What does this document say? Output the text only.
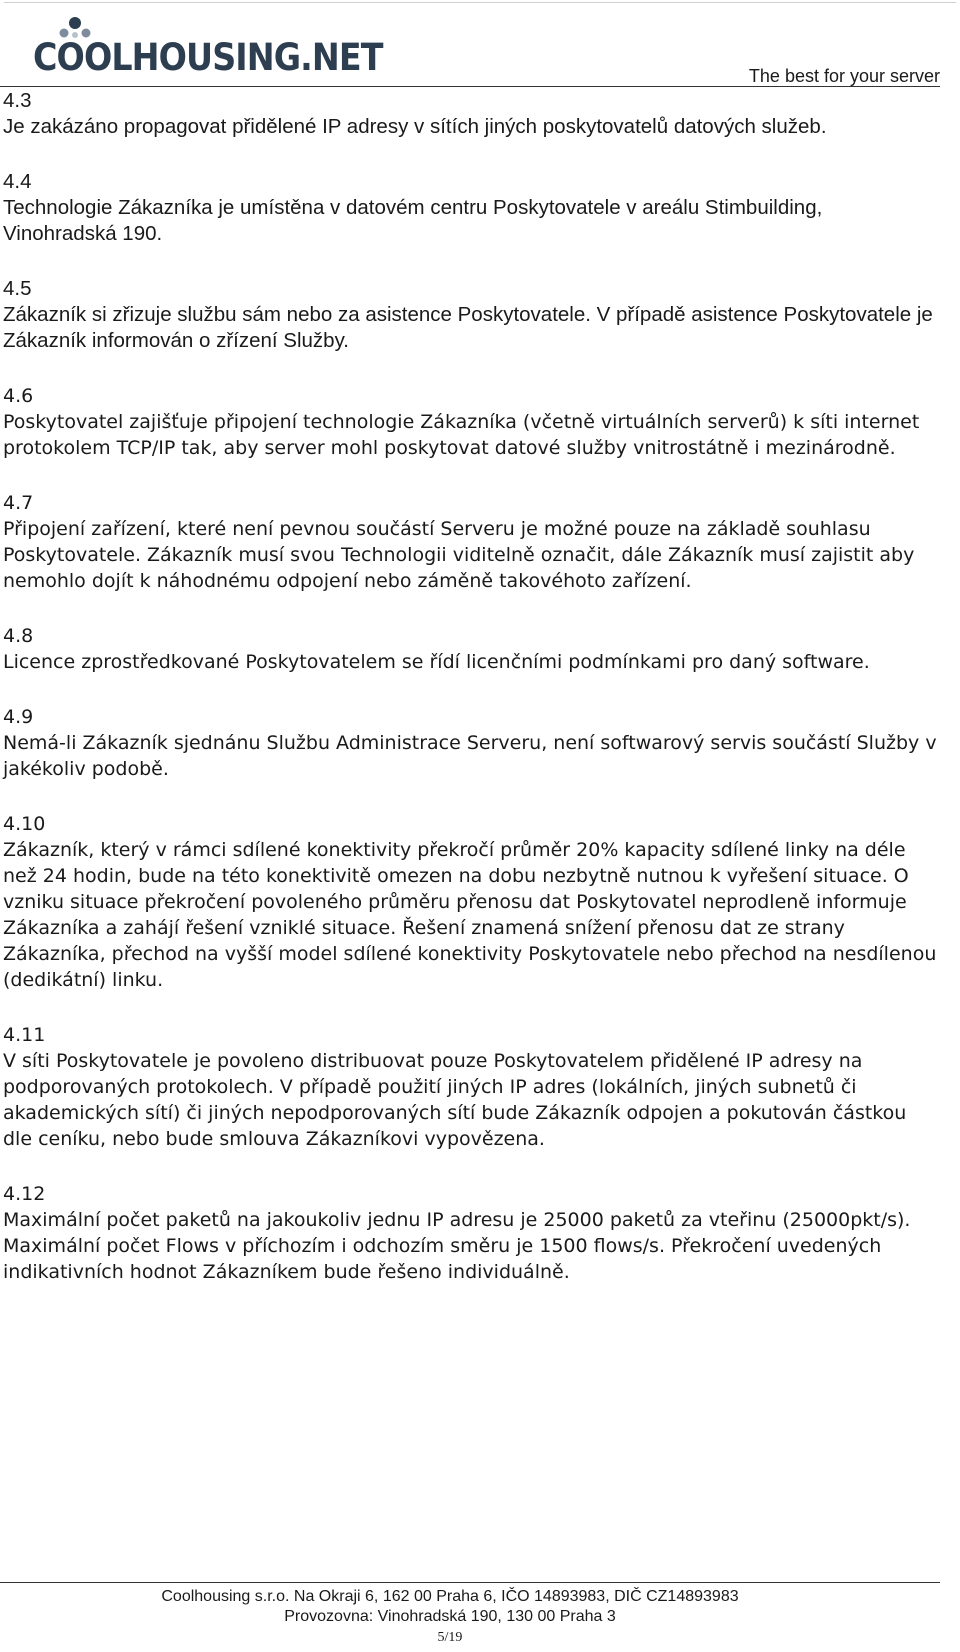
COOLHOUSING.NET	The best for your server
4.3
Je zakázáno propagovat přidělené IP adresy v sítích jiných poskytovatelů datových služeb.
4.4
Technologie Zákazníka je umístěna v datovém centru Poskytovatele v areálu Stimbuilding, Vinohradská 190.
4.5
Zákazník si zřizuje službu sám nebo za asistence Poskytovatele. V případě asistence Poskytovatele je Zákazník informován o zřízení Služby.
4.6
Poskytovatel zajišťuje připojení technologie Zákazníka (včetně virtuálních serverů) k síti internet protokolem TCP/IP tak, aby server mohl poskytovat datové služby vnitrostátně i mezinárodně.
4.7
Připojení zařízení, které není pevnou součástí Serveru je možné pouze na základě souhlasu Poskytovatele. Zákazník musí svou Technologii viditelně označit, dále Zákazník musí zajistit aby nemohlo dojít k náhodnému odpojení nebo záměně takovéhoto zařízení.
4.8
Licence zprostředkované Poskytovatelem se řídí licenčními podmínkami pro daný software.
4.9
Nemá-li Zákazník sjednánu Službu Administrace Serveru, není softwarový servis součástí Služby v jakékoliv podobě.
4.10
Zákazník, který v rámci sdílené konektivity překročí průměr 20% kapacity sdílené linky na déle než 24 hodin, bude na této konektivitě omezen na dobu nezbytně nutnou k vyřešení situace. O vzniku situace překročení povoleného průměru přenosu dat Poskytovatel neprodleně informuje Zákazníka a zahájí řešení vzniklé situace. Řešení znamená snížení přenosu dat ze strany Zákazníka, přechod na vyšší model sdílené konektivity Poskytovatele nebo přechod na nesdílenou (dedikátní) linku.
4.11
V síti Poskytovatele je povoleno distribuovat pouze Poskytovatelem přidělené IP adresy na podporovaných protokolech. V případě použití jiných IP adres (lokálních, jiných subnetů či akademických sítí) či jiných nepodporovaných sítí bude Zákazník odpojen a pokutován částkou dle ceníku, nebo bude smlouva Zákazníkovi vypovězena.
4.12
Maximální počet paketů na jakoukoliv jednu IP adresu je 25000 paketů za vteřinu (25000pkt/s). Maximální počet Flows v příchozím i odchozím směru je 1500 flows/s. Překročení uvedených indikativních hodnot Zákazníkem bude řešeno individuálně.
Coolhousing s.r.o. Na Okraji 6, 162 00 Praha 6, IČO 14893983, DIČ CZ14893983
Provozovna: Vinohradská 190, 130 00 Praha 3
5/19
